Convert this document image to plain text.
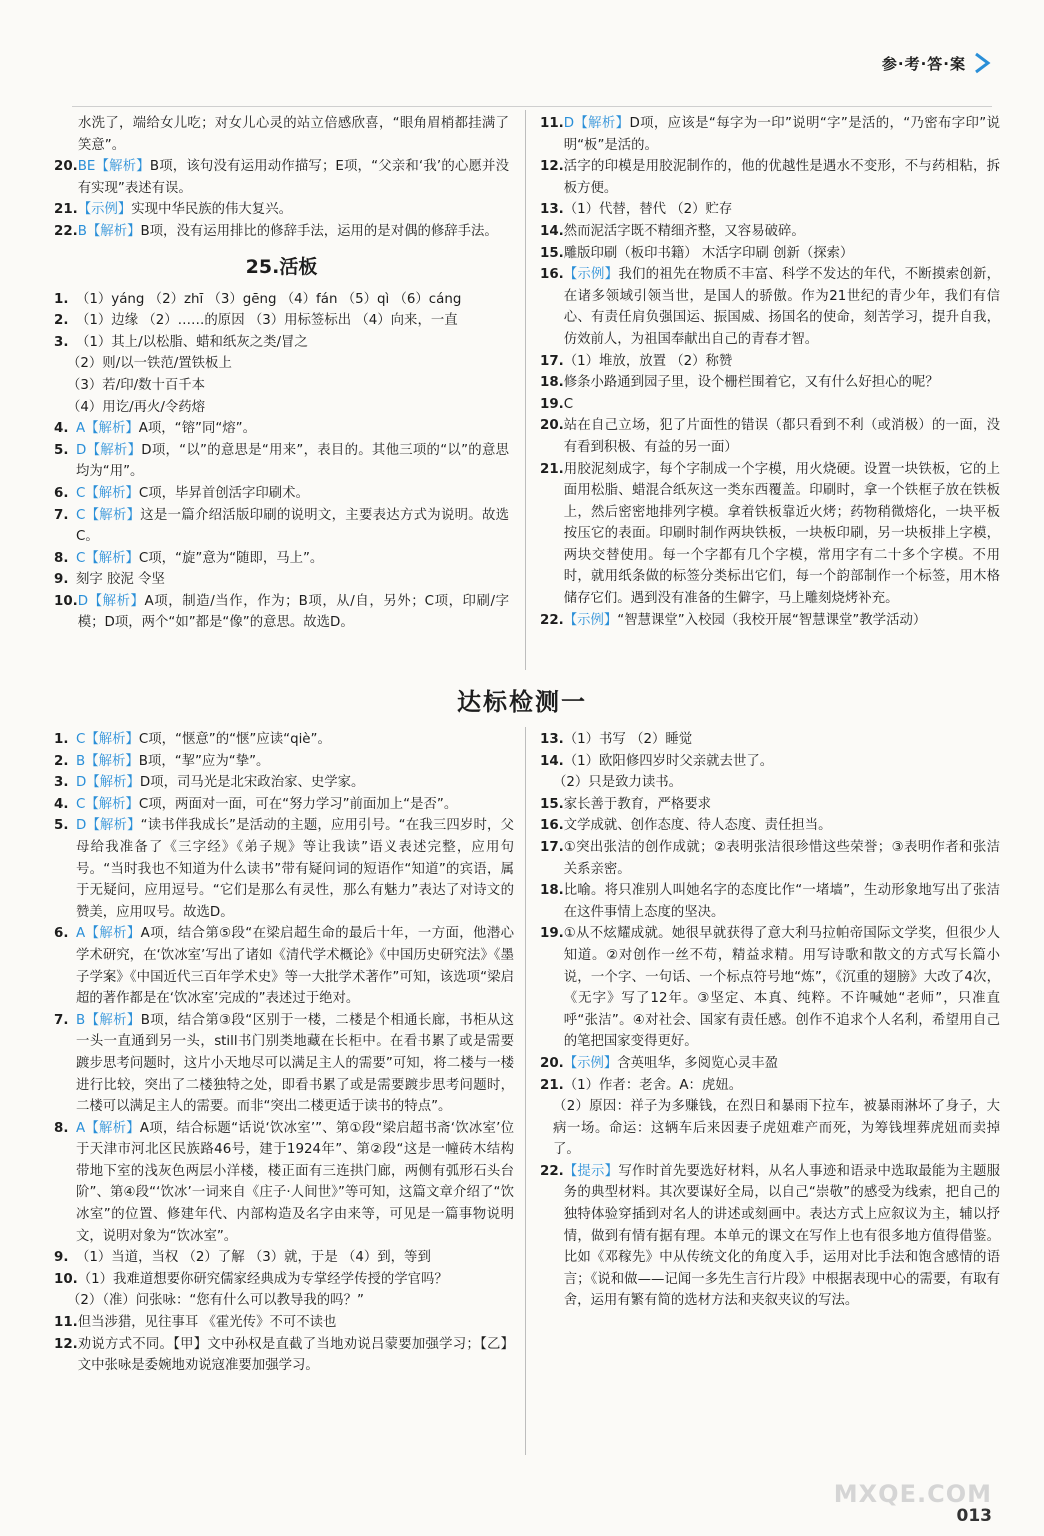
参·考·答·案
水洗了，端给女儿吃；对女儿心灵的站立倍感欣喜，“眼角眉梢都挂满了笑意”。
20. BE【解析】B项，该句没有运用动作描写；E项，“父亲和‘我’的心愿并没有实现”表述有误。
21. 【示例】实现中华民族的伟大复兴。
22. B【解析】B项，没有运用排比的修辞手法，运用的是对偶的修辞手法。
25.活板
1. （1）yáng （2）zhī （3）gēng （4）fán （5）qì （6）cáng
2. （1）边缘 （2）……的原因 （3）用标签标出 （4）向来，一直
3. （1）其上/以松脂、蜡和纸灰之类/冒之
（2）则/以一铁范/置铁板上
（3）若/印/数十百千本
（4）用讫/再火/令药熔
4. A【解析】A项，“镕”同“熔”。
5. D【解析】D项，“以”的意思是“用来”，表目的。其他三项的“以”的意思均为“用”。
6. C【解析】C项，毕昇首创活字印刷术。
7. C【解析】这是一篇介绍活版印刷的说明文，主要表达方式为说明。故选C。
8. C【解析】C项，“旋”意为“随即，马上”。
9. 刻字 胶泥 令坚
10. D【解析】A项，制造/当作，作为；B项，从/自，另外；C项，印刷/字模；D项，两个“如”都是“像”的意思。故选D。
11. D【解析】D项，应该是“每字为一印”说明“字”是活的，“乃密布字印”说明“板”是活的。
12. 活字的印模是用胶泥制作的，他的优越性是遇水不变形，不与药相粘，拆板方便。
13. （1）代替，替代 （2）贮存
14. 然而泥活字既不精细齐整，又容易破碎。
15. 雕版印刷（板印书籍） 木活字印刷 创新（探索）
16. 【示例】我们的祖先在物质不丰富、科学不发达的年代，不断摸索创新，在诸多领域引领当世，是国人的骄傲。作为21世纪的青少年，我们有信心、有责任肩负强国运、振国威、扬国名的使命，刻苦学习，提升自我，仿效前人，为祖国奉献出自己的青春才智。
17. （1）堆放，放置 （2）称赞
18. 修条小路通到园子里，设个栅栏围着它，又有什么好担心的呢？
19. C
20. 站在自己立场，犯了片面性的错误（都只看到不利（或消极）的一面，没有看到积极、有益的另一面）
21. 用胶泥刻成字，每个字制成一个字模，用火烧硬。设置一块铁板，它的上面用松脂、蜡混合纸灰这一类东西覆盖。印刷时，拿一个铁框子放在铁板上，然后密密地排列字模。拿着铁板靠近火烤；药物稍微熔化，一块平板按压它的表面。印刷时制作两块铁板，一块板印刷，另一块板排上字模，两块交替使用。每一个字都有几个字模，常用字有二十多个字模。不用时，就用纸条做的标签分类标出它们，每一个韵部制作一个标签，用木格储存它们。遇到没有准备的生僻字，马上雕刻烧烤补充。
22. 【示例】“智慧课堂”入校园（我校开展“智慧课堂”教学活动）
达标检测一
1. C【解析】C项，“惬意”的“惬”应读“qiè”。
2. B【解析】B项，“挈”应为“挚”。
3. D【解析】D项，司马光是北宋政治家、史学家。
4. C【解析】C项，两面对一面，可在“努力学习”前面加上“是否”。
5. D【解析】“读书伴我成长”是活动的主题，应用引号。“在我三四岁时，父母给我准备了《三字经》《弟子规》等让我读”语义表述完整，应用句号。“当时我也不知道为什么读书”带有疑问词的短语作“知道”的宾语，属于无疑问，应用逗号。“它们是那么有灵性，那么有魅力”表达了对诗文的赞美，应用叹号。故选D。
6. A【解析】A项，结合第⑤段“在梁启超生命的最后十年，一方面，他潜心学术研究，在‘饮冰室’写出了诸如《清代学术概论》《中国历史研究法》《墨子学案》《中国近代三百年学术史》等一大批学术著作”可知，该选项“梁启超的著作都是在‘饮冰室’完成的”表述过于绝对。
7. B【解析】B项，结合第③段“区别于一楼，二楼是个相通长廊，书柜从这一头一直通到另一头，still书门别类地藏在长柜中。在看书累了或是需要踱步思考问题时，这片小天地尽可以满足主人的需要”可知，将二楼与一楼进行比较，突出了二楼独特之处，即看书累了或是需要踱步思考问题时，二楼可以满足主人的需要。而非“突出二楼更适于读书的特点”。
8. A【解析】A项，结合标题“话说‘饮冰室’”、第①段“梁启超书斋‘饮冰室’位于天津市河北区民族路46号，建于1924年”、第②段“这是一幢砖木结构带地下室的浅灰色两层小洋楼，楼正面有三连拱门廊，两侧有弧形石头台阶”、第④段“‘饮冰’一词来自《庄子·人间世》”等可知，这篇文章介绍了“饮冰室”的位置、修建年代、内部构造及名字由来等，可见是一篇事物说明文，说明对象为“饮冰室”。
9. （1）当道，当权 （2）了解 （3）就，于是 （4）到，等到
10. （1）我难道想要你研究儒家经典成为专掌经学传授的学官吗？
（2）（准）问张咏：“您有什么可以教导我的吗？”
11. 但当涉猎，见往事耳 《霍光传》不可不读也
12. 劝说方式不同。【甲】文中孙权是直截了当地劝说吕蒙要加强学习；【乙】文中张咏是委婉地劝说寇准要加强学习。
13. （1）书写 （2）睡觉
14. （1）欧阳修四岁时父亲就去世了。
（2）只是致力读书。
15. 家长善于教育，严格要求
16. 文学成就、创作态度、待人态度、责任担当。
17. ①突出张洁的创作成就；②表明张洁很珍惜这些荣誉；③表明作者和张洁关系亲密。
18. 比喻。将只准别人叫她名字的态度比作“一堵墙”，生动形象地写出了张洁在这件事情上态度的坚决。
19. ①从不炫耀成就。她很早就获得了意大利马拉帕帝国际文学奖，但很少人知道。②对创作一丝不苟，精益求精。用写诗歌和散文的方式写长篇小说，一个字、一句话、一个标点符号地“炼”，《沉重的翅膀》大改了4次，《无字》写了12年。③坚定、本真、纯粹。不许喊她“老师”，只准直呼“张洁”。④对社会、国家有责任感。创作不追求个人名利，希望用自己的笔把国家变得更好。
20. 【示例】含英咀华，多阅览心灵丰盈
21. （1）作者：老舍。A：虎妞。
（2）原因：祥子为多赚钱，在烈日和暴雨下拉车，被暴雨淋坏了身子，大病一场。命运：这辆车后来因妻子虎妞难产而死，为筹钱埋葬虎妞而卖掉了。
22. 【提示】写作时首先要选好材料，从名人事迹和语录中选取最能为主题服务的典型材料。其次要谋好全局，以自己“崇敬”的感受为线索，把自己的独特体验穿插到对名人的讲述或刻画中。表达方式上应叙议为主，辅以抒情，做到有情有据有理。本单元的课文在写作上也有很多地方值得借鉴。比如《邓稼先》中从传统文化的角度入手，运用对比手法和饱含感情的语言；《说和做——记闻一多先生言行片段》中根据表现中心的需要，有取有舍，运用有繁有简的选材方法和夹叙夹议的写法。
MXQE.COM
013
